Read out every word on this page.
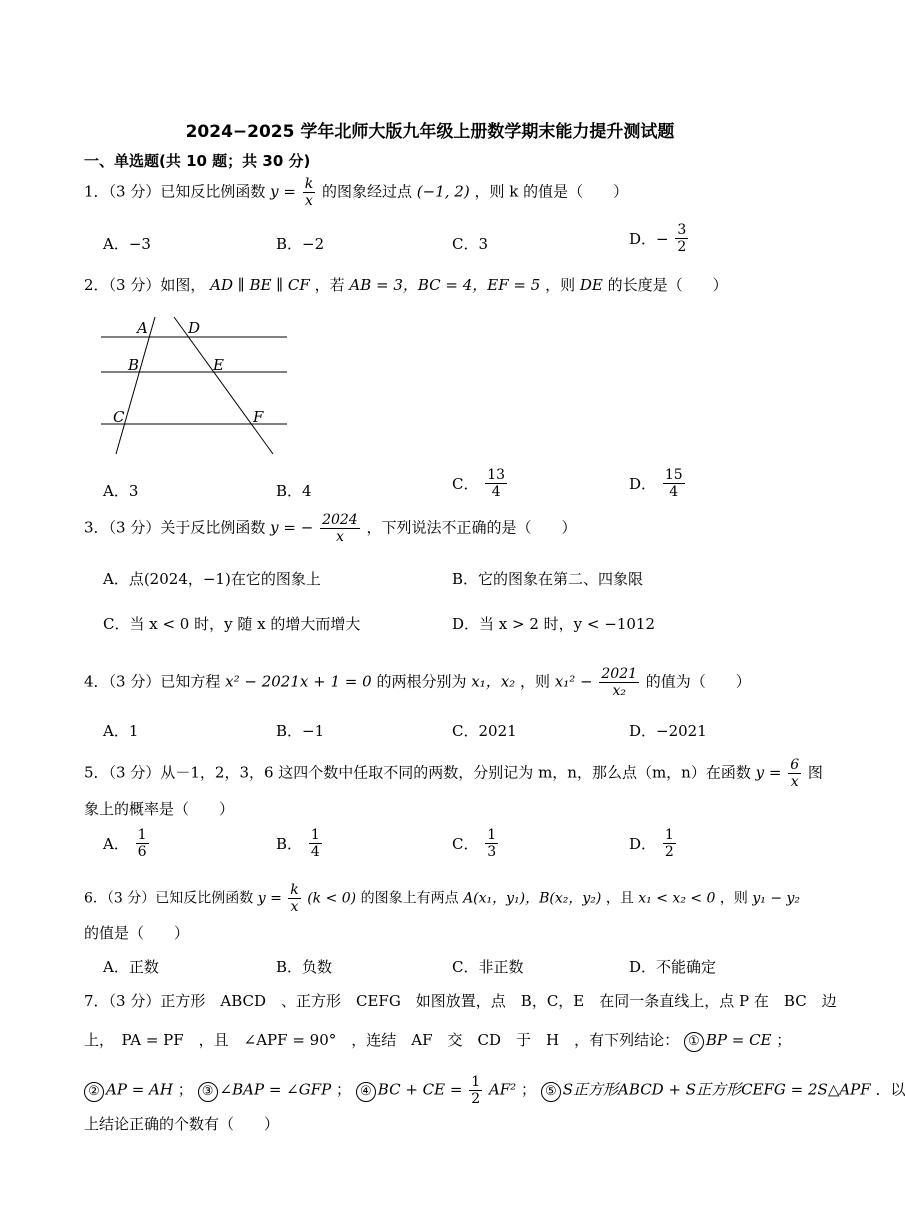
2024−2025 学年北师大版九年级上册数学期末能力提升测试题
一、单选题(共 10 题；共 30 分)
1．（3 分）已知反比例函数 $y = \frac{k}{x}$ 的图象经过点 (−1, 2) ，则 k 的值是（　　）
A．−3	B．−2	C．3	D．− $\frac{3}{2}$
2．（3 分）如图， AD ∥ BE ∥ CF ，若 AB = 3，BC = 4，EF = 5 ，则 DE 的长度是（　　）
A	D
B	E
C	F
A．3	B．4	C． $\frac{13}{4}$	D． $\frac{15}{4}$
3．（3 分）关于反比例函数 y = − $\frac{2024}{x}$ ，下列说法不正确的是（　　）
A．点(2024，−1)在它的图象上	B．它的图象在第二、四象限
C．当 x < 0 时，y 随 x 的增大而增大	D．当 x > 2 时，y < −1012
4．（3 分）已知方程 x² − 2021x + 1 = 0 的两根分别为 x₁，x₂ ，则 $x_1^2 - \frac{2021}{\text{x₂}}$ 的值为（　　）
A．1	B．−1	C．2021	D．−2021
5．（3 分）从－1，2，3，6 这四个数中任取不同的两数，分别记为 m，n，那么点（m，n）在函数 $y = \frac{6}{x}$ 图
象上的概率是（　　）
A． $\frac{1}{6}$	B． $\frac{1}{4}$	C． $\frac{1}{3}$	D． $\frac{1}{2}$
6．（3 分）已知反比例函数 $y = \frac{k}{x} (k < 0)$ 的图象上有两点 A(x₁，y₁)，B(x₂，y₂) ，且 x₁ < x₂ < 0 ，则 y₁ − y₂
的值是（　　）
A．正数	B．负数	C．非正数	D．不能确定
7．（3 分）正方形　ABCD　、正方形　CEFG　如图放置，点　B，C，E　在同一条直线上，点 P 在　BC　边
上，　PA = PF　，且　∠APF = 90°　，连结　AF　交　CD　于　H　，有下列结论： ① BP = CE ；
② AP = AH ； ③ ∠BAP = ∠GFP ； ④ BC + CE = $\frac{1}{2} AF^2$ ； ⑤ S正方形ABCD + S正方形CEFG = 2S△APF ．以
上结论正确的个数有（　　）
